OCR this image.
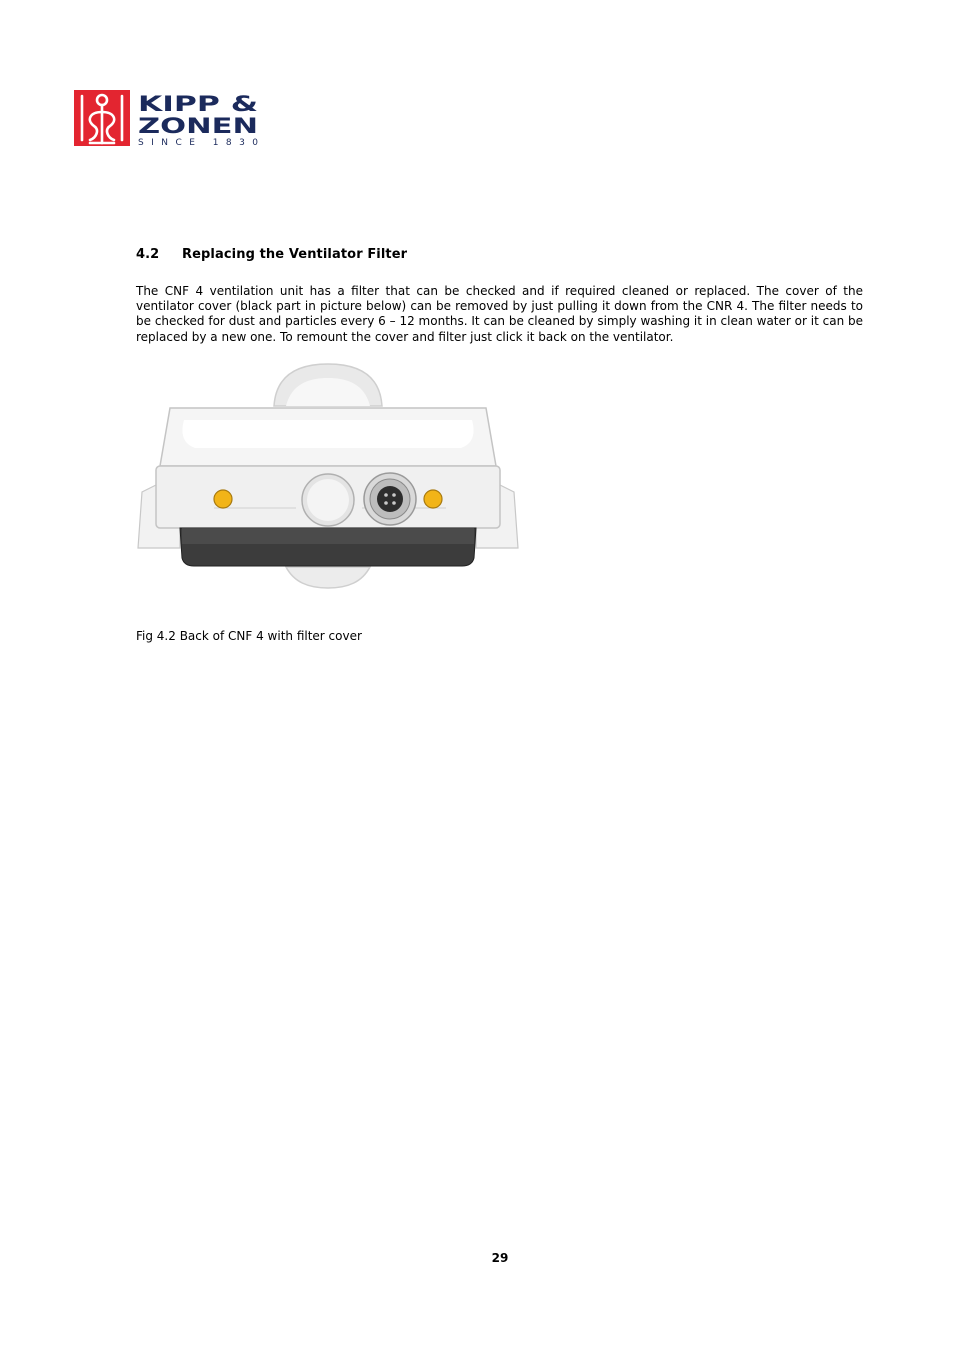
KIPP &
ZONEN
SINCE 1830
4.2 Replacing the Ventilator Filter
The CNF 4 ventilation unit has a filter that can be checked and if required cleaned or replaced. The cover of the ventilator cover (black part in picture below) can be removed by just pulling it down from the CNR 4. The filter needs to be checked for dust and particles every 6 – 12 months. It can be cleaned by simply washing it in clean water or it can be replaced by a new one. To remount the cover and filter just click it back on the ventilator.
Fig 4.2 Back of CNF 4 with filter cover
29
